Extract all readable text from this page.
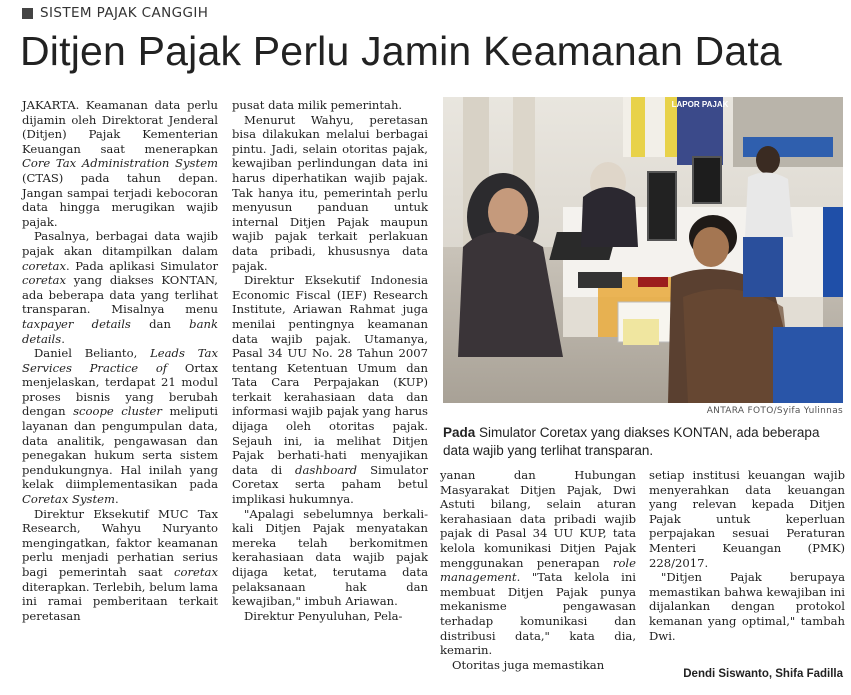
SISTEM PAJAK CANGGIH
Ditjen Pajak Perlu Jamin Keamanan Data

JAKARTA. Keamanan data perlu dijamin oleh Direktorat Jenderal (Ditjen) Pajak Kementerian Keuangan saat menerapkan Core Tax Administration System (CTAS) pada tahun depan. Jangan sampai terjadi kebocoran data hingga merugikan wajib pajak.

Pasalnya, berbagai data wajib pajak akan ditampilkan dalam coretax. Pada aplikasi Simulator coretax yang diakses KONTAN, ada beberapa data yang terlihat transparan. Misalnya menu taxpayer details dan bank details.

Daniel Belianto, Leads Tax Services Practice of Ortax menjelaskan, terdapat 21 modul proses bisnis yang berubah dengan scoope cluster meliputi layanan dan pengumpulan data, data analitik, pengawasan dan penegakan hukum serta sistem pendukungnya. Hal inilah yang kelak diimplementasikan pada Coretax System.

Direktur Eksekutif MUC Tax Research, Wahyu Nuryanto mengingatkan, faktor keamanan perlu menjadi perhatian serius bagi pemerintah saat coretax diterapkan. Terlebih, belum lama ini ramai pemberitaan terkait peretasan

pusat data milik pemerintah.

Menurut Wahyu, peretasan bisa dilakukan melalui berbagai pintu. Jadi, selain otoritas pajak, kewajiban perlindungan data ini harus diperhatikan wajib pajak. Tak hanya itu, pemerintah perlu menyusun panduan untuk internal Ditjen Pajak maupun wajib pajak terkait perlakuan data pribadi, khususnya data pajak.

Direktur Eksekutif Indonesia Economic Fiscal (IEF) Research Institute, Ariawan Rahmat juga menilai pentingnya keamanan data wajib pajak. Utamanya, Pasal 34 UU No. 28 Tahun 2007 tentang Ketentuan Umum dan Tata Cara Perpajakan (KUP) terkait kerahasiaan data dan informasi wajib pajak yang harus dijaga oleh otoritas pajak. Sejauh ini, ia melihat Ditjen Pajak berhati-hati menyajikan data di dashboard Simulator Coretax serta paham betul implikasi hukumnya.

"Apalagi sebelumnya berkali-kali Ditjen Pajak menyatakan mereka telah berkomitmen kerahasiaan data wajib pajak dijaga ketat, terutama data pelaksanaan hak dan kewajiban," imbuh Ariawan.

Direktur Penyuluhan, Pela-

LAPOR PAJAK
ANTARA FOTO/Syifa Yulinnas
Pada Simulator Coretax yang diakses KONTAN, ada beberapa data wajib yang terlihat transparan.

yanan dan Hubungan Masyarakat Ditjen Pajak, Dwi Astuti bilang, selain aturan kerahasiaan data pribadi wajib pajak di Pasal 34 UU KUP, tata kelola komunikasi Ditjen Pajak menggunakan penerapan role management. "Tata kelola ini membuat Ditjen Pajak punya mekanisme pengawasan terhadap komunikasi dan distribusi data," kata dia, kemarin.

Otoritas juga memastikan

setiap institusi keuangan wajib menyerahkan data keuangan yang relevan kepada Ditjen Pajak untuk keperluan perpajakan sesuai Peraturan Menteri Keuangan (PMK) 228/2017.

"Ditjen Pajak berupaya memastikan bahwa kewajiban ini dijalankan dengan protokol kemanan yang optimal," tambah Dwi.

Dendi Siswanto, Shifa Fadilla
